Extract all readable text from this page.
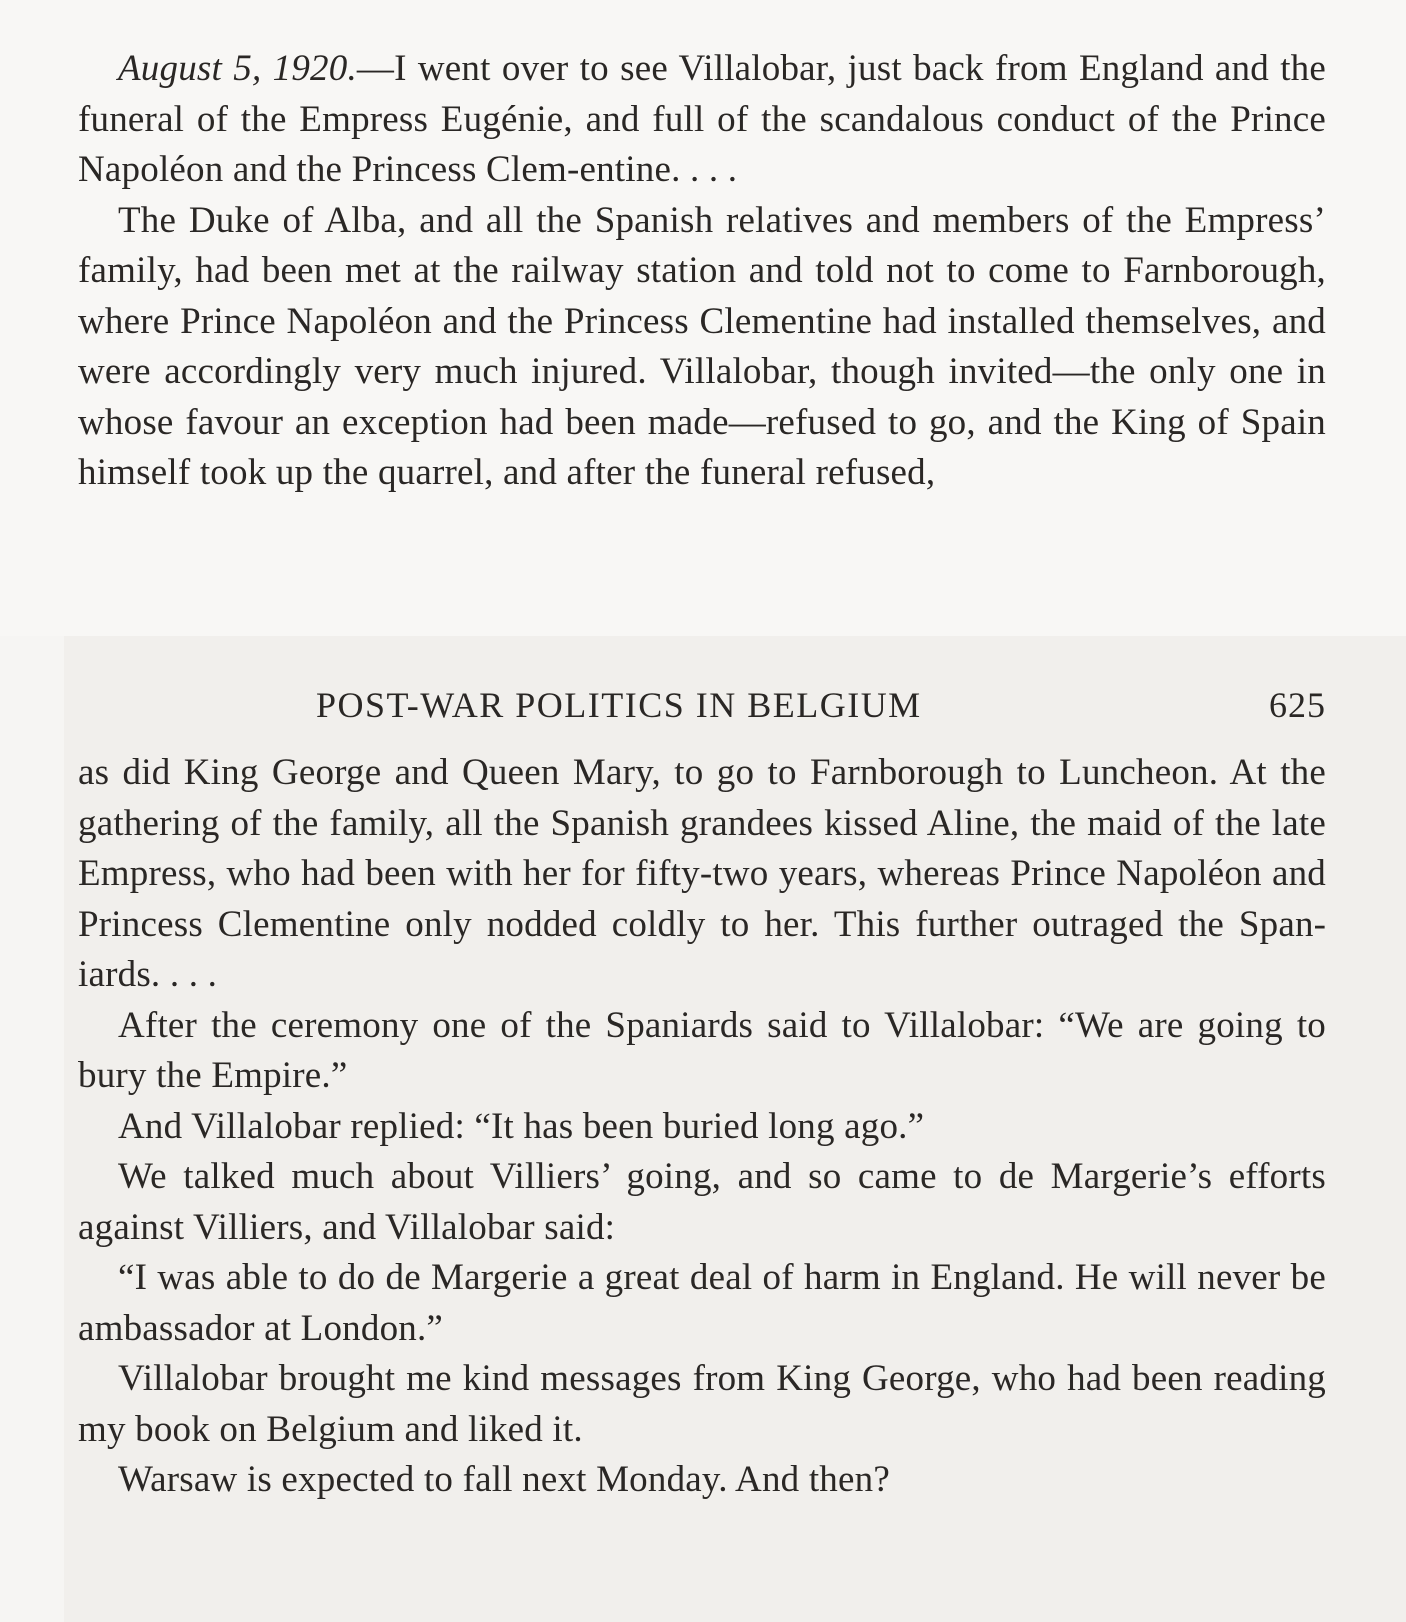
August 5, 1920.—I went over to see Villalobar, just back from England and the funeral of the Empress Eugénie, and full of the scandalous conduct of the Prince Napoléon and the Princess Clem-entine. . . .

The Duke of Alba, and all the Spanish relatives and members of the Empress’ family, had been met at the railway station and told not to come to Farnborough, where Prince Napoléon and the Princess Clementine had installed themselves, and were accordingly very much injured. Villalobar, though invited—the only one in whose favour an exception had been made—refused to go, and the King of Spain himself took up the quarrel, and after the funeral refused,

POST-WAR POLITICS IN BELGIUM	625

as did King George and Queen Mary, to go to Farnborough to Luncheon. At the gathering of the family, all the Spanish grandees kissed Aline, the maid of the late Empress, who had been with her for fifty-two years, whereas Prince Napoléon and Princess Clementine only nodded coldly to her. This further outraged the Spaniards. . . .

After the ceremony one of the Spaniards said to Villalobar: “We are going to bury the Empire.”

And Villalobar replied: “It has been buried long ago.”

We talked much about Villiers’ going, and so came to de Margerie’s efforts against Villiers, and Villalobar said:

“I was able to do de Margerie a great deal of harm in England. He will never be ambassador at London.”

Villalobar brought me kind messages from King George, who had been reading my book on Belgium and liked it.

Warsaw is expected to fall next Monday. And then?
